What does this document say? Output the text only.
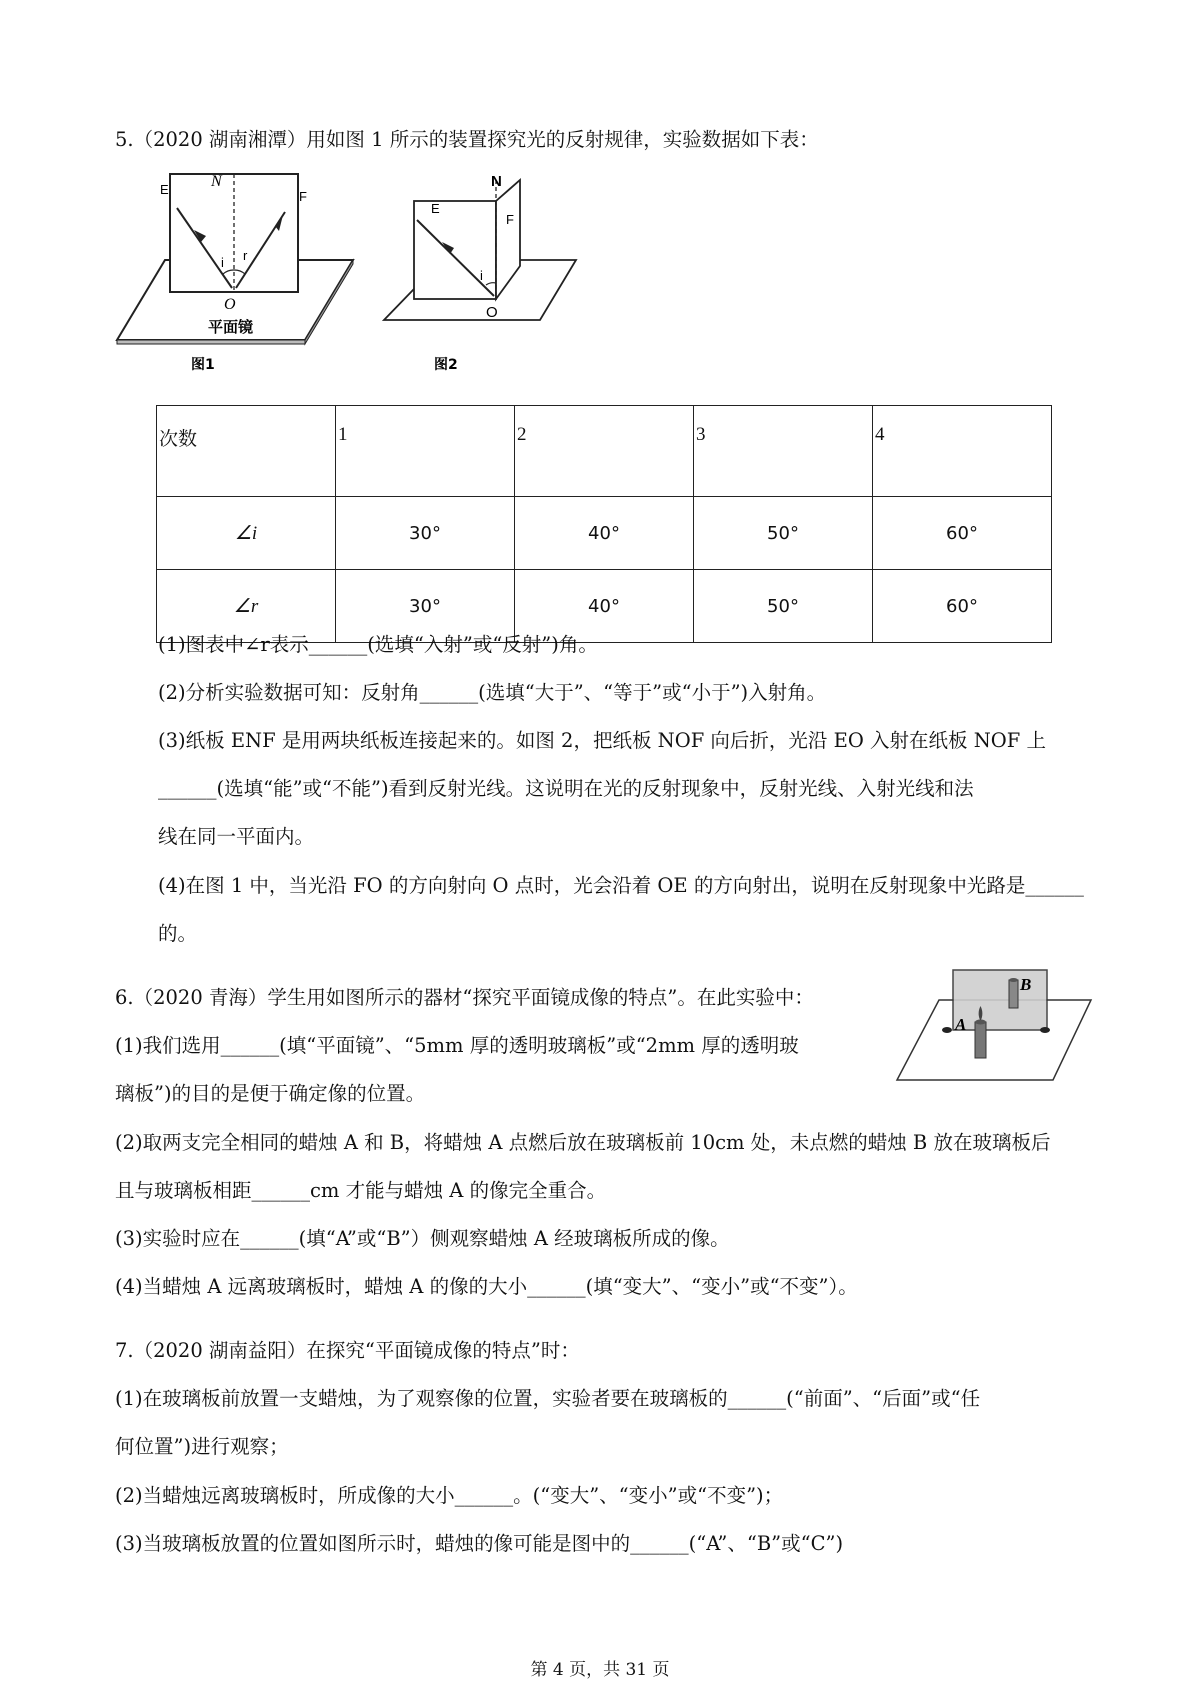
5.（2020 湖南湘潭）用如图 1 所示的装置探究光的反射规律，实验数据如下表：
N
E	F
i r
O
平面镜
图1
N
E
F
i
O
图2
次数	1	2	3	4
∠i	30°	40°	50°	60°
∠r	30°	40°	50°	60°
(1)图表中∠r表示______(选填“入射”或“反射”)角。
(2)分析实验数据可知：反射角______(选填“大于”、“等于”或“小于”)入射角。
(3)纸板 ENF 是用两块纸板连接起来的。如图 2，把纸板 NOF 向后折，光沿 EO 入射在纸板 NOF 上
______(选填“能”或“不能”)看到反射光线。这说明在光的反射现象中，反射光线、入射光线和法
线在同一平面内。
(4)在图 1 中，当光沿 FO 的方向射向 O 点时，光会沿着 OE 的方向射出，说明在反射现象中光路是______
的。
6.（2020 青海）学生用如图所示的器材“探究平面镜成像的特点”。在此实验中：
A
B
(1)我们选用______(填“平面镜”、“5mm 厚的透明玻璃板”或“2mm 厚的透明玻
璃板”)的目的是便于确定像的位置。
(2)取两支完全相同的蜡烛 A 和 B，将蜡烛 A 点燃后放在玻璃板前 10cm 处，未点燃的蜡烛 B 放在玻璃板后
且与玻璃板相距______cm 才能与蜡烛 A 的像完全重合。
(3)实验时应在______(填“A”或“B”）侧观察蜡烛 A 经玻璃板所成的像。
(4)当蜡烛 A 远离玻璃板时，蜡烛 A 的像的大小______(填“变大”、“变小”或“不变”）。
7.（2020 湖南益阳）在探究“平面镜成像的特点”时：
(1)在玻璃板前放置一支蜡烛，为了观察像的位置，实验者要在玻璃板的______(“前面”、“后面”或“任
何位置”)进行观察；
(2)当蜡烛远离玻璃板时，所成像的大小______。(“变大”、“变小”或“不变”)；
(3)当玻璃板放置的位置如图所示时，蜡烛的像可能是图中的______(“A”、“B”或“C”)
第 4 页，共 31 页
